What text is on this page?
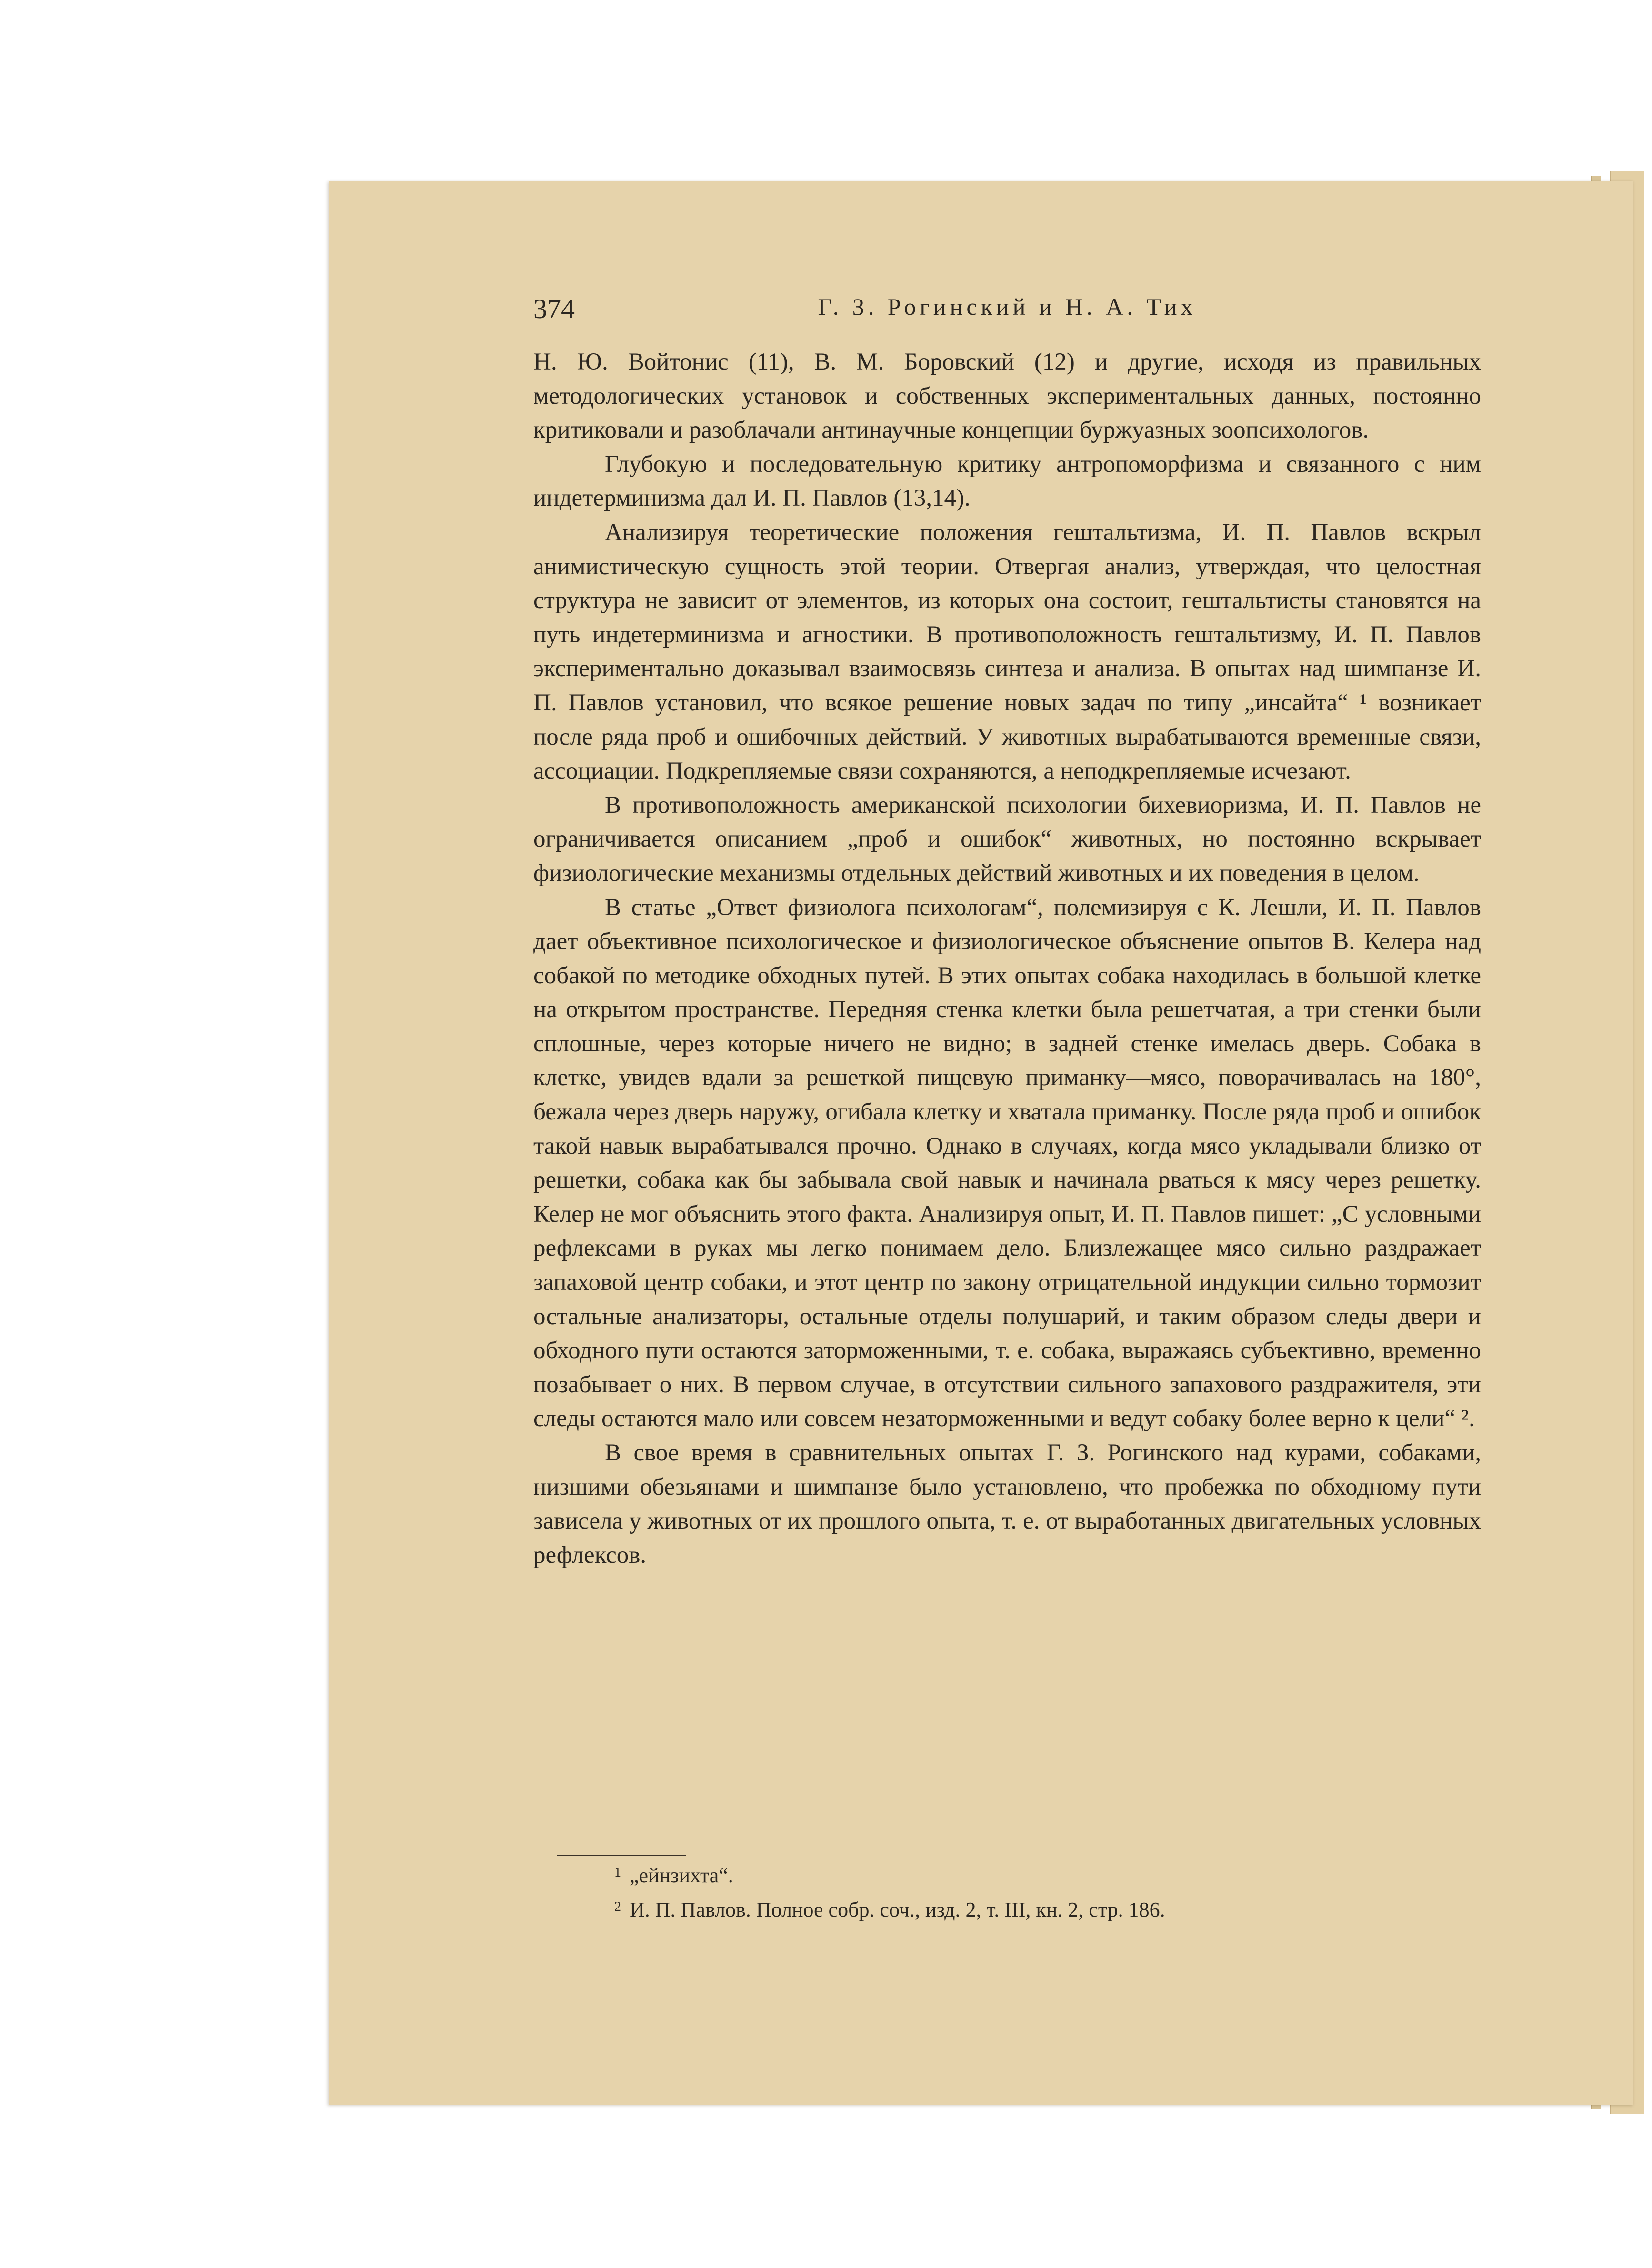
374	Г. З. Рогинский и Н. А. Тих

Н. Ю. Войтонис (11), В. М. Боровский (12) и другие, исходя из правильных методологических установок и собственных экспериментальных данных, постоянно критиковали и разоблачали антинаучные концепции буржуазных зоопсихологов.

Глубокую и последовательную критику антропоморфизма и связанного с ним индетерминизма дал И. П. Павлов (13,14).

Анализируя теоретические положения гештальтизма, И. П. Павлов вскрыл анимистическую сущность этой теории. Отвергая анализ, утверждая, что целостная структура не зависит от элементов, из которых она состоит, гештальтисты становятся на путь индетерминизма и агностики. В противоположность гештальтизму, И. П. Павлов экспериментально доказывал взаимосвязь синтеза и анализа. В опытах над шимпанзе И. П. Павлов установил, что всякое решение новых задач по типу „инсайта“ ¹ возникает после ряда проб и ошибочных действий. У животных вырабатываются временные связи, ассоциации. Подкрепляемые связи сохраняются, а неподкрепляемые исчезают.

В противоположность американской психологии бихевиоризма, И. П. Павлов не ограничивается описанием „проб и ошибок“ животных, но постоянно вскрывает физиологические механизмы отдельных действий животных и их поведения в целом.

В статье „Ответ физиолога психологам“, полемизируя с К. Лешли, И. П. Павлов дает объективное психологическое и физиологическое объяснение опытов В. Келера над собакой по методике обходных путей. В этих опытах собака находилась в большой клетке на открытом пространстве. Передняя стенка клетки была решетчатая, а три стенки были сплошные, через которые ничего не видно; в задней стенке имелась дверь. Собака в клетке, увидев вдали за решеткой пищевую приманку—мясо, поворачивалась на 180°, бежала через дверь наружу, огибала клетку и хватала приманку. После ряда проб и ошибок такой навык вырабатывался прочно. Однако в случаях, когда мясо укладывали близко от решетки, собака как бы забывала свой навык и начинала рваться к мясу через решетку. Келер не мог объяснить этого факта. Анализируя опыт, И. П. Павлов пишет: „С условными рефлексами в руках мы легко понимаем дело. Близлежащее мясо сильно раздражает запаховой центр собаки, и этот центр по закону отрицательной индукции сильно тормозит остальные анализаторы, остальные отделы полушарий, и таким образом следы двери и обходного пути остаются заторможенными, т. е. собака, выражаясь субъективно, временно позабывает о них. В первом случае, в отсутствии сильного запахового раздражителя, эти следы остаются мало или совсем незаторможенными и ведут собаку более верно к цели“ ².

В свое время в сравнительных опытах Г. З. Рогинского над курами, собаками, низшими обезьянами и шимпанзе было установлено, что пробежка по обходному пути зависела у животных от их прошлого опыта, т. е. от выработанных двигательных условных рефлексов.

$^1$ „ейнзихта“.
$^2$ И. П. Павлов. Полное собр. соч., изд. 2, т. III, кн. 2, стр. 186.
